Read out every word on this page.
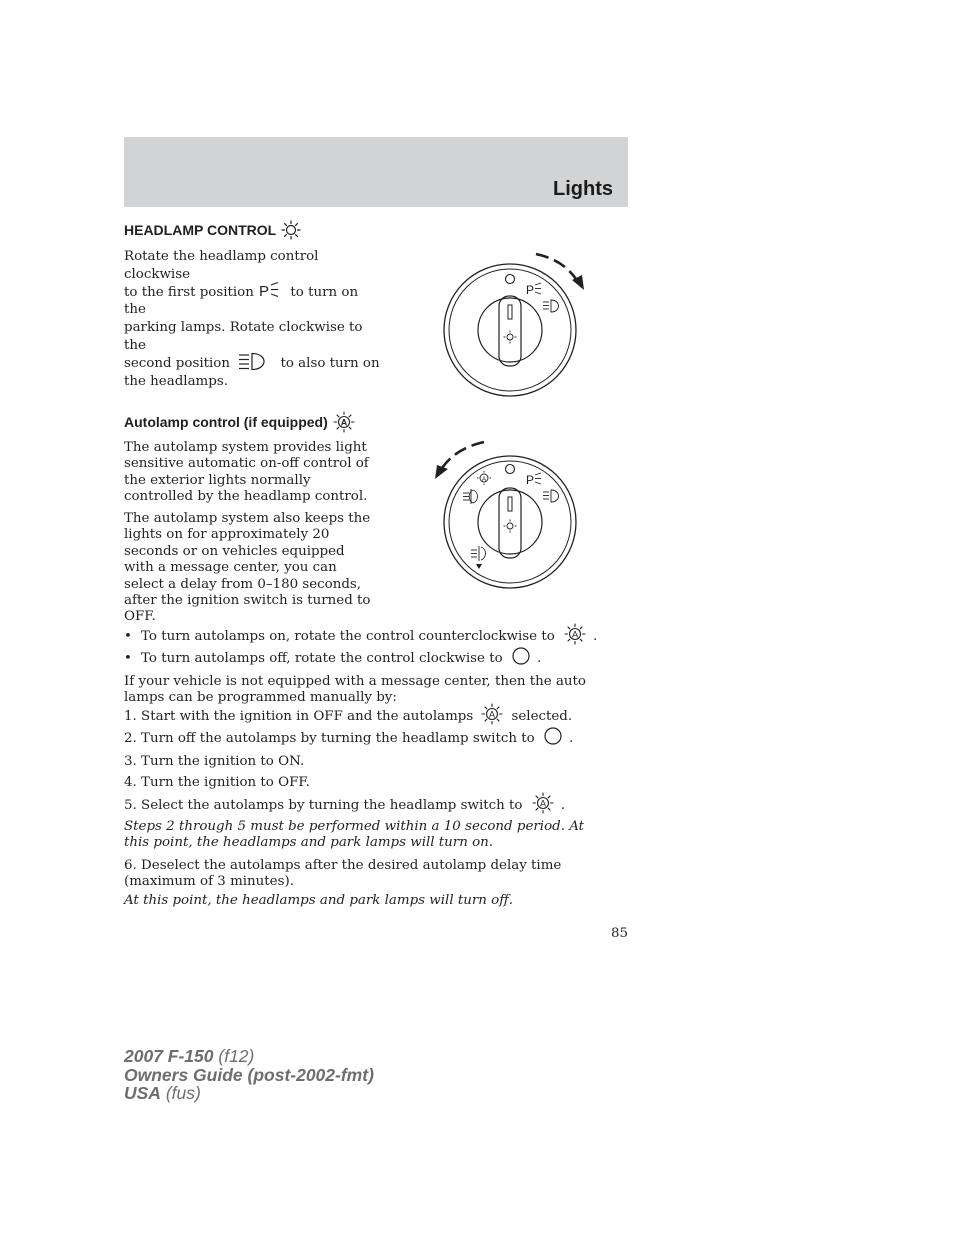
Lights
HEADLAMP CONTROL
Rotate the headlamp control clockwise
to the first position P to turn on the
parking lamps. Rotate clockwise to the
second position	to also turn on
the headlamps.
P
Autolamp control (if equipped) A
The autolamp system provides light
sensitive automatic on-off control of
the exterior lights normally
controlled by the headlamp control.
The autolamp system also keeps the
lights on for approximately 20
seconds or on vehicles equipped
with a message center, you can
select a delay from 0–180 seconds,
after the ignition switch is turned to
OFF.
A	P
• To turn autolamps on, rotate the control counterclockwise to A .
• To turn autolamps off, rotate the control clockwise to	.
If your vehicle is not equipped with a message center, then the auto
lamps can be programmed manually by:
1. Start with the ignition in OFF and the autolamps A selected.
2. Turn off the autolamps by turning the headlamp switch to	.
3. Turn the ignition to ON.
4. Turn the ignition to OFF.
5. Select the autolamps by turning the headlamp switch to A .
Steps 2 through 5 must be performed within a 10 second period. At
this point, the headlamps and park lamps will turn on.
6. Deselect the autolamps after the desired autolamp delay time
(maximum of 3 minutes).
At this point, the headlamps and park lamps will turn off.
85
2007 F-150 (f12)
Owners Guide (post-2002-fmt)
USA (fus)
